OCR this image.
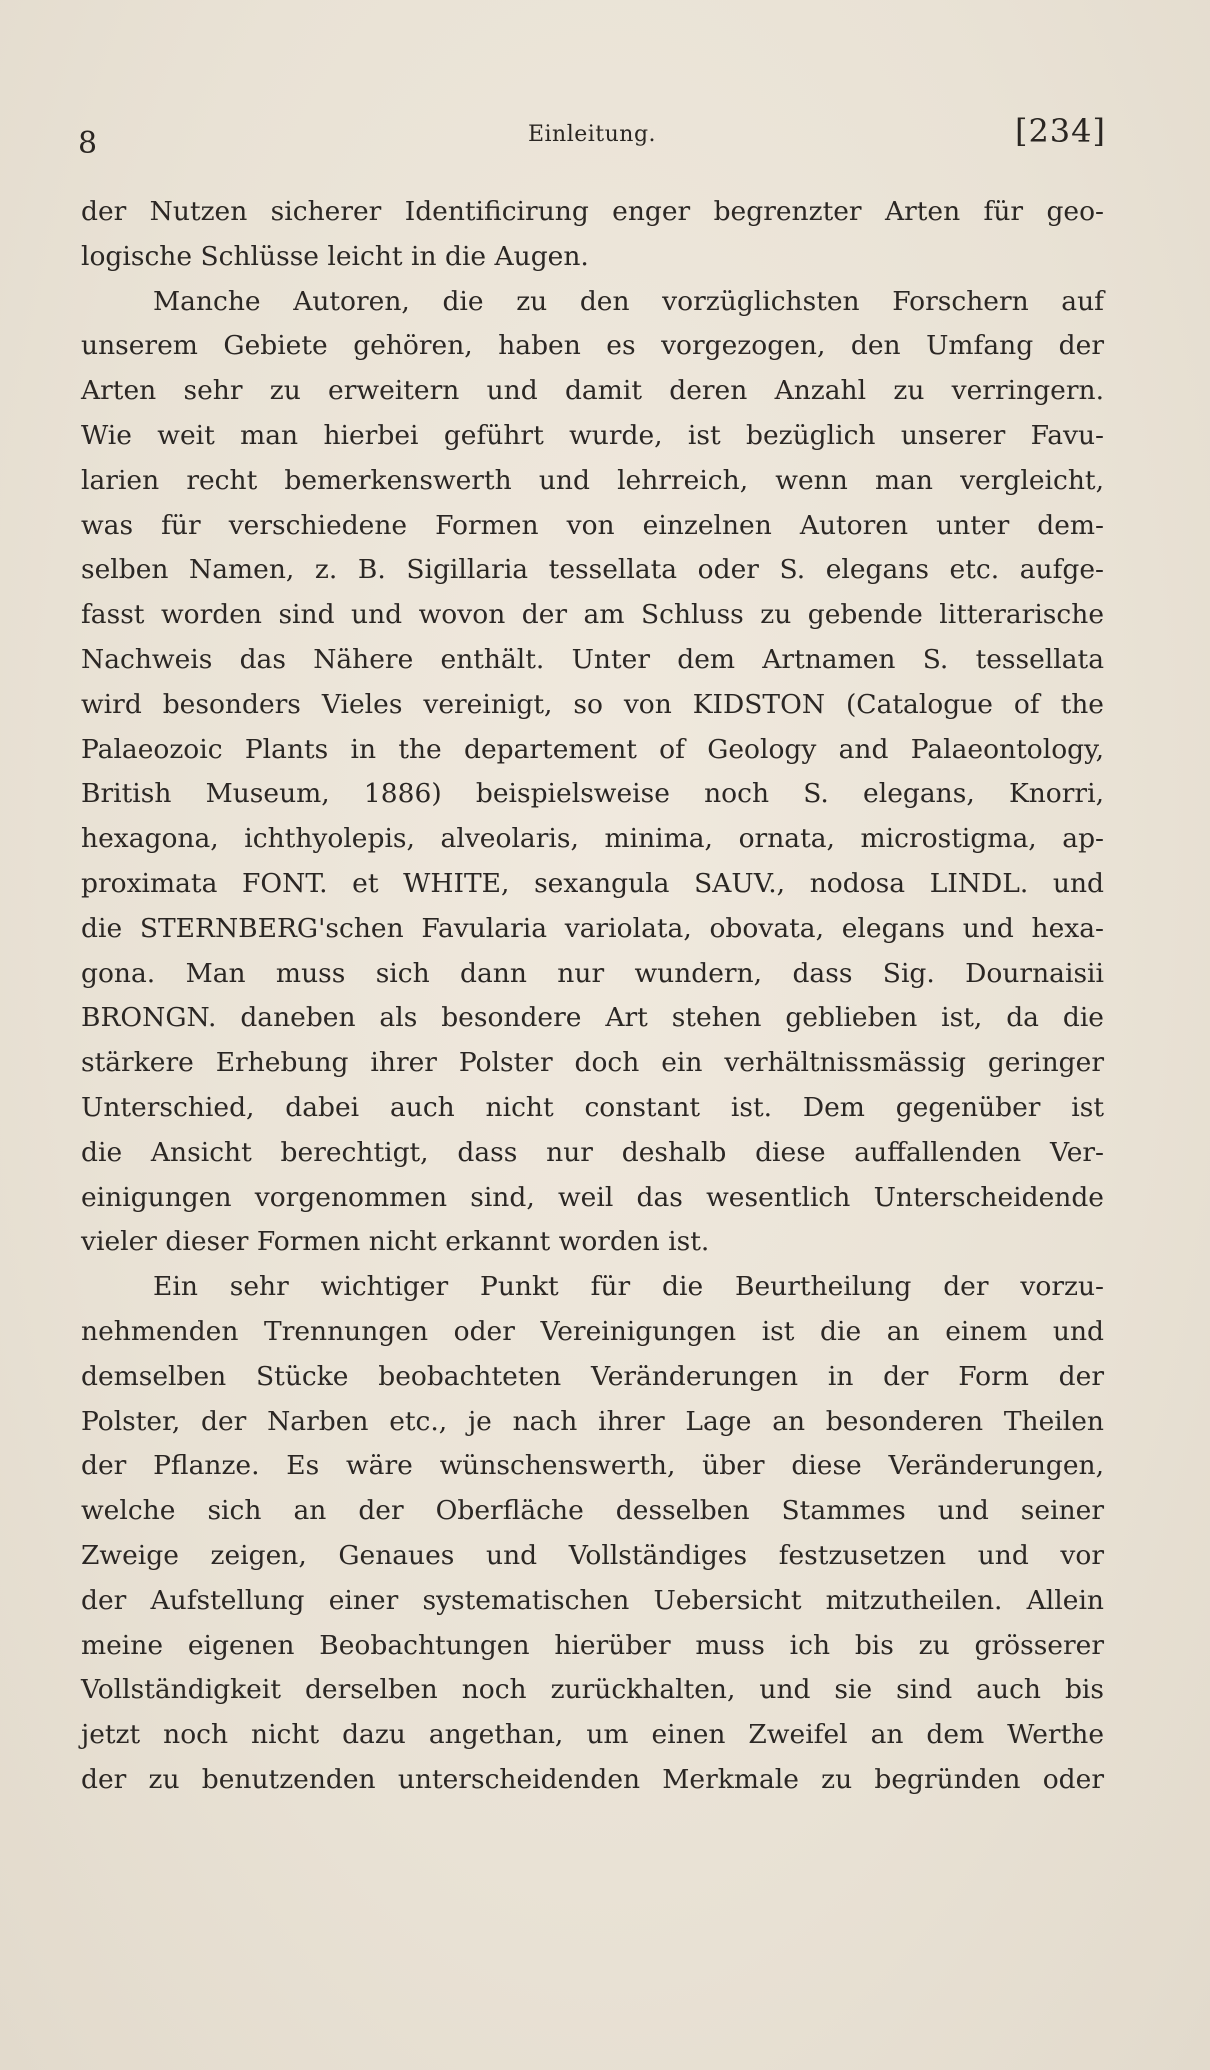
8	Einleitung.	[234]
der Nutzen sicherer Identificirung enger begrenzter Arten für geo-
logische Schlüsse leicht in die Augen.
Manche Autoren, die zu den vorzüglichsten Forschern auf
unserem Gebiete gehören, haben es vorgezogen, den Umfang der
Arten sehr zu erweitern und damit deren Anzahl zu verringern.
Wie weit man hierbei geführt wurde, ist bezüglich unserer Favu-
larien recht bemerkenswerth und lehrreich, wenn man vergleicht,
was für verschiedene Formen von einzelnen Autoren unter dem-
selben Namen, z. B. Sigillaria tessellata oder S. elegans etc. aufge-
fasst worden sind und wovon der am Schluss zu gebende litterarische
Nachweis das Nähere enthält. Unter dem Artnamen S. tessellata
wird besonders Vieles vereinigt, so von KIDSTON (Catalogue of the
Palaeozoic Plants in the departement of Geology and Palaeontology,
British Museum, 1886) beispielsweise noch S. elegans, Knorri,
hexagona, ichthyolepis, alveolaris, minima, ornata, microstigma, ap-
proximata FONT. et WHITE, sexangula SAUV., nodosa LINDL. und
die STERNBERG'schen Favularia variolata, obovata, elegans und hexa-
gona. Man muss sich dann nur wundern, dass Sig. Dournaisii
BRONGN. daneben als besondere Art stehen geblieben ist, da die
stärkere Erhebung ihrer Polster doch ein verhältnissmässig geringer
Unterschied, dabei auch nicht constant ist. Dem gegenüber ist
die Ansicht berechtigt, dass nur deshalb diese auffallenden Ver-
einigungen vorgenommen sind, weil das wesentlich Unterscheidende
vieler dieser Formen nicht erkannt worden ist.
Ein sehr wichtiger Punkt für die Beurtheilung der vorzu-
nehmenden Trennungen oder Vereinigungen ist die an einem und
demselben Stücke beobachteten Veränderungen in der Form der
Polster, der Narben etc., je nach ihrer Lage an besonderen Theilen
der Pflanze. Es wäre wünschenswerth, über diese Veränderungen,
welche sich an der Oberfläche desselben Stammes und seiner
Zweige zeigen, Genaues und Vollständiges festzusetzen und vor
der Aufstellung einer systematischen Uebersicht mitzutheilen. Allein
meine eigenen Beobachtungen hierüber muss ich bis zu grösserer
Vollständigkeit derselben noch zurückhalten, und sie sind auch bis
jetzt noch nicht dazu angethan, um einen Zweifel an dem Werthe
der zu benutzenden unterscheidenden Merkmale zu begründen oder
